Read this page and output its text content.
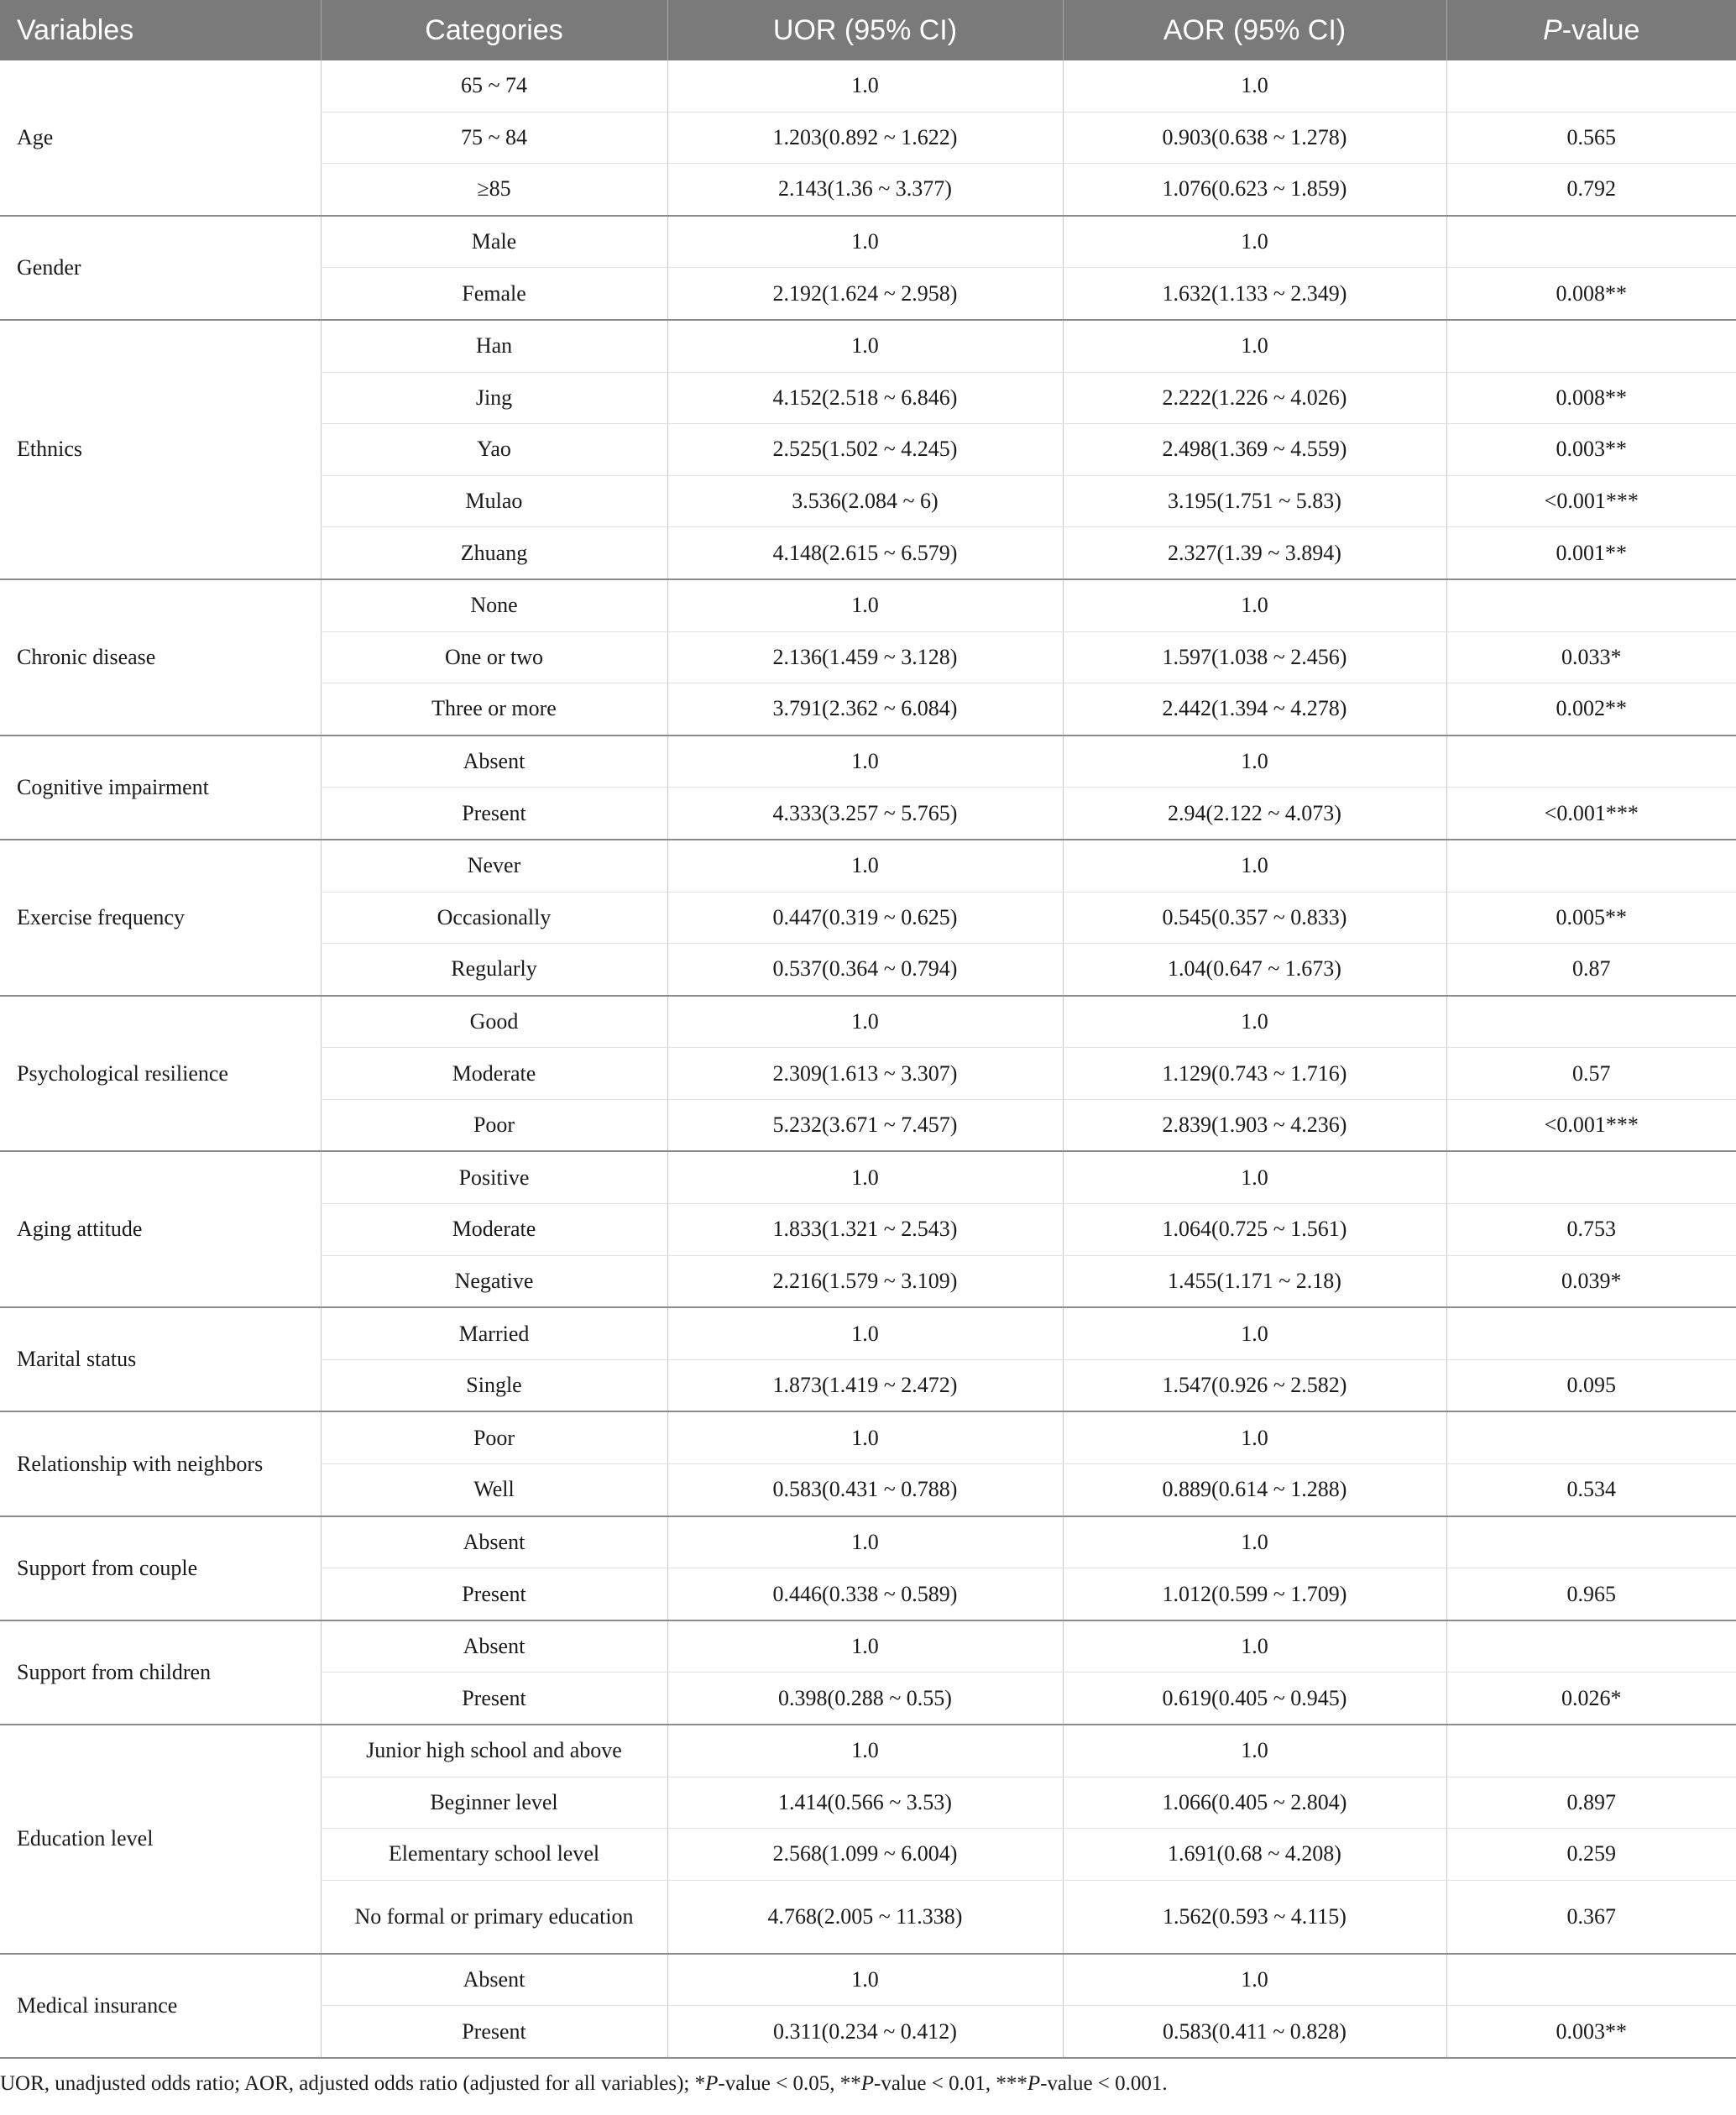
Variables	Categories	UOR (95% CI)	AOR (95% CI)	P-value
Age	65 ~ 74	1.0	1.0	
	75 ~ 84	1.203(0.892 ~ 1.622)	0.903(0.638 ~ 1.278)	0.565
	≥85	2.143(1.36 ~ 3.377)	1.076(0.623 ~ 1.859)	0.792
Gender	Male	1.0	1.0	
	Female	2.192(1.624 ~ 2.958)	1.632(1.133 ~ 2.349)	0.008**
Ethnics	Han	1.0	1.0	
	Jing	4.152(2.518 ~ 6.846)	2.222(1.226 ~ 4.026)	0.008**
	Yao	2.525(1.502 ~ 4.245)	2.498(1.369 ~ 4.559)	0.003**
	Mulao	3.536(2.084 ~ 6)	3.195(1.751 ~ 5.83)	<0.001***
	Zhuang	4.148(2.615 ~ 6.579)	2.327(1.39 ~ 3.894)	0.001**
Chronic disease	None	1.0	1.0	
	One or two	2.136(1.459 ~ 3.128)	1.597(1.038 ~ 2.456)	0.033*
	Three or more	3.791(2.362 ~ 6.084)	2.442(1.394 ~ 4.278)	0.002**
Cognitive impairment	Absent	1.0	1.0	
	Present	4.333(3.257 ~ 5.765)	2.94(2.122 ~ 4.073)	<0.001***
Exercise frequency	Never	1.0	1.0	
	Occasionally	0.447(0.319 ~ 0.625)	0.545(0.357 ~ 0.833)	0.005**
	Regularly	0.537(0.364 ~ 0.794)	1.04(0.647 ~ 1.673)	0.87
Psychological resilience	Good	1.0	1.0	
	Moderate	2.309(1.613 ~ 3.307)	1.129(0.743 ~ 1.716)	0.57
	Poor	5.232(3.671 ~ 7.457)	2.839(1.903 ~ 4.236)	<0.001***
Aging attitude	Positive	1.0	1.0	
	Moderate	1.833(1.321 ~ 2.543)	1.064(0.725 ~ 1.561)	0.753
	Negative	2.216(1.579 ~ 3.109)	1.455(1.171 ~ 2.18)	0.039*
Marital status	Married	1.0	1.0	
	Single	1.873(1.419 ~ 2.472)	1.547(0.926 ~ 2.582)	0.095
Relationship with neighbors	Poor	1.0	1.0	
	Well	0.583(0.431 ~ 0.788)	0.889(0.614 ~ 1.288)	0.534
Support from couple	Absent	1.0	1.0	
	Present	0.446(0.338 ~ 0.589)	1.012(0.599 ~ 1.709)	0.965
Support from children	Absent	1.0	1.0	
	Present	0.398(0.288 ~ 0.55)	0.619(0.405 ~ 0.945)	0.026*
Education level	Junior high school and above	1.0	1.0	
	Beginner level	1.414(0.566 ~ 3.53)	1.066(0.405 ~ 2.804)	0.897
	Elementary school level	2.568(1.099 ~ 6.004)	1.691(0.68 ~ 4.208)	0.259
	No formal or primary education	4.768(2.005 ~ 11.338)	1.562(0.593 ~ 4.115)	0.367
Medical insurance	Absent	1.0	1.0	
	Present	0.311(0.234 ~ 0.412)	0.583(0.411 ~ 0.828)	0.003**
UOR, unadjusted odds ratio; AOR, adjusted odds ratio (adjusted for all variables); *P-value < 0.05, **P-value < 0.01, ***P-value < 0.001.
